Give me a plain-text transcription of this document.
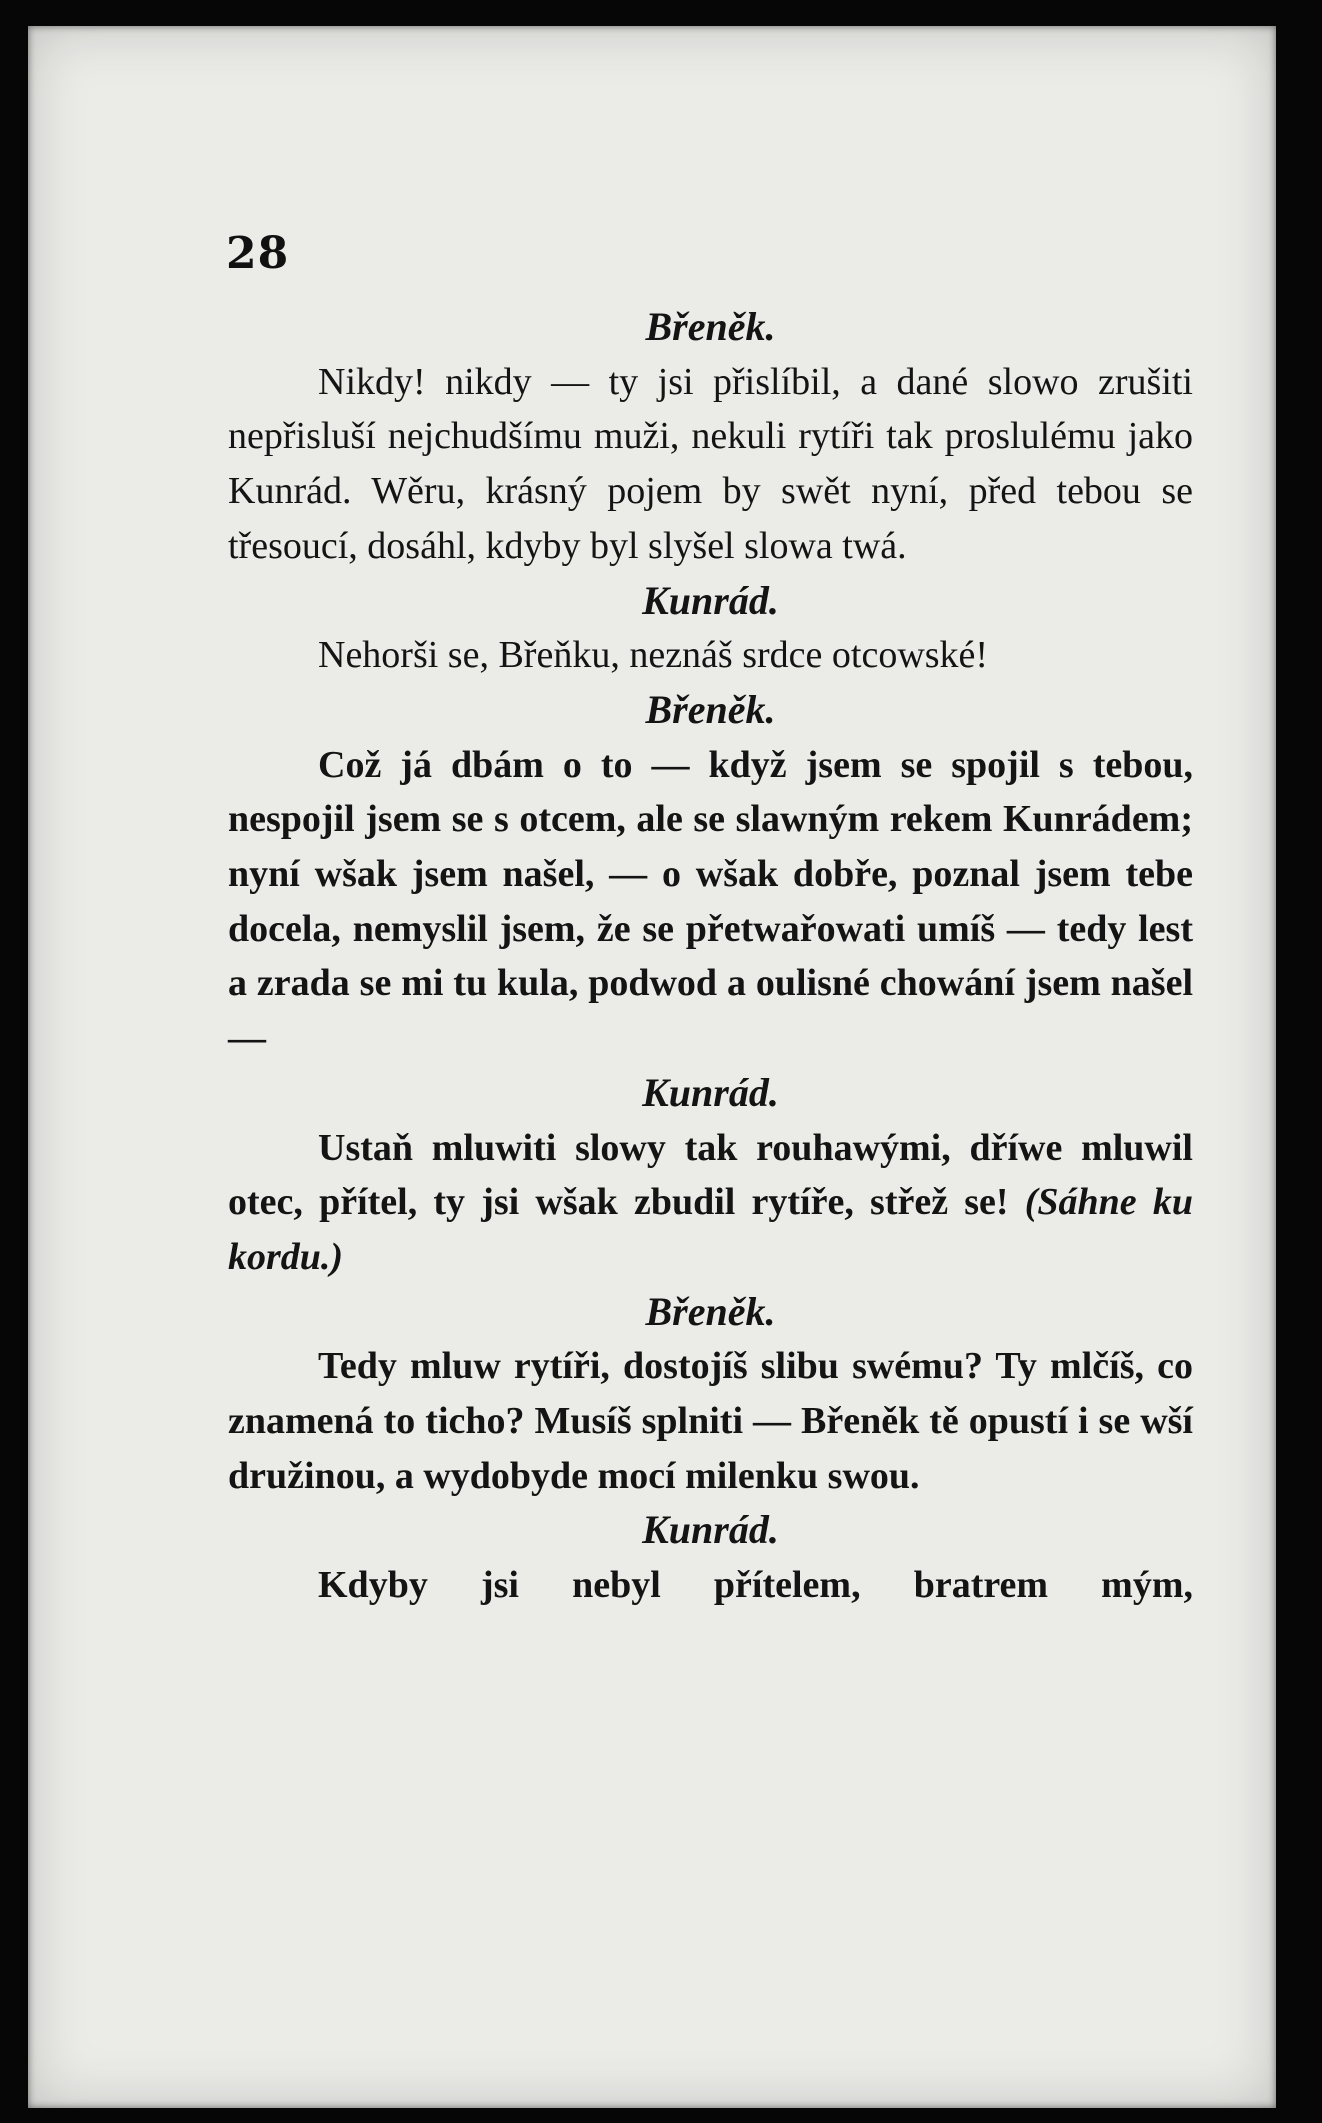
28

Břeněk.

Nikdy! nikdy — ty jsi přislíbil, a dané slowo zrušiti nepřisluší nejchudšímu muži, nekuli rytíři tak proslulému jako Kunrád. Wěru, krásný pojem by swět nyní, před tebou se třesoucí, dosáhl, kdyby byl slyšel slowa twá.

Kunrád.

Nehorši se, Břeňku, neznáš srdce otcowské!

Břeněk.

Což já dbám o to — když jsem se spojil s tebou, nespojil jsem se s otcem, ale se slawným rekem Kunrádem; nyní wšak jsem našel, — o wšak dobře, poznal jsem tebe docela, nemyslil jsem, že se přetwařowati umíš — tedy lest a zrada se mi tu kula, podwod a oulisné chowání jsem našel —

Kunrád.

Ustaň mluwiti slowy tak rouhawými, dříwe mluwil otec, přítel, ty jsi wšak zbudil rytíře, střež se! (Sáhne ku kordu.)

Břeněk.

Tedy mluw rytíři, dostojíš slibu swému? Ty mlčíš, co znamená to ticho? Musíš splniti — Břeněk tě opustí i se wší družinou, a wydobyde mocí milenku swou.

Kunrád.

Kdyby jsi nebyl přítelem, bratrem mým,
